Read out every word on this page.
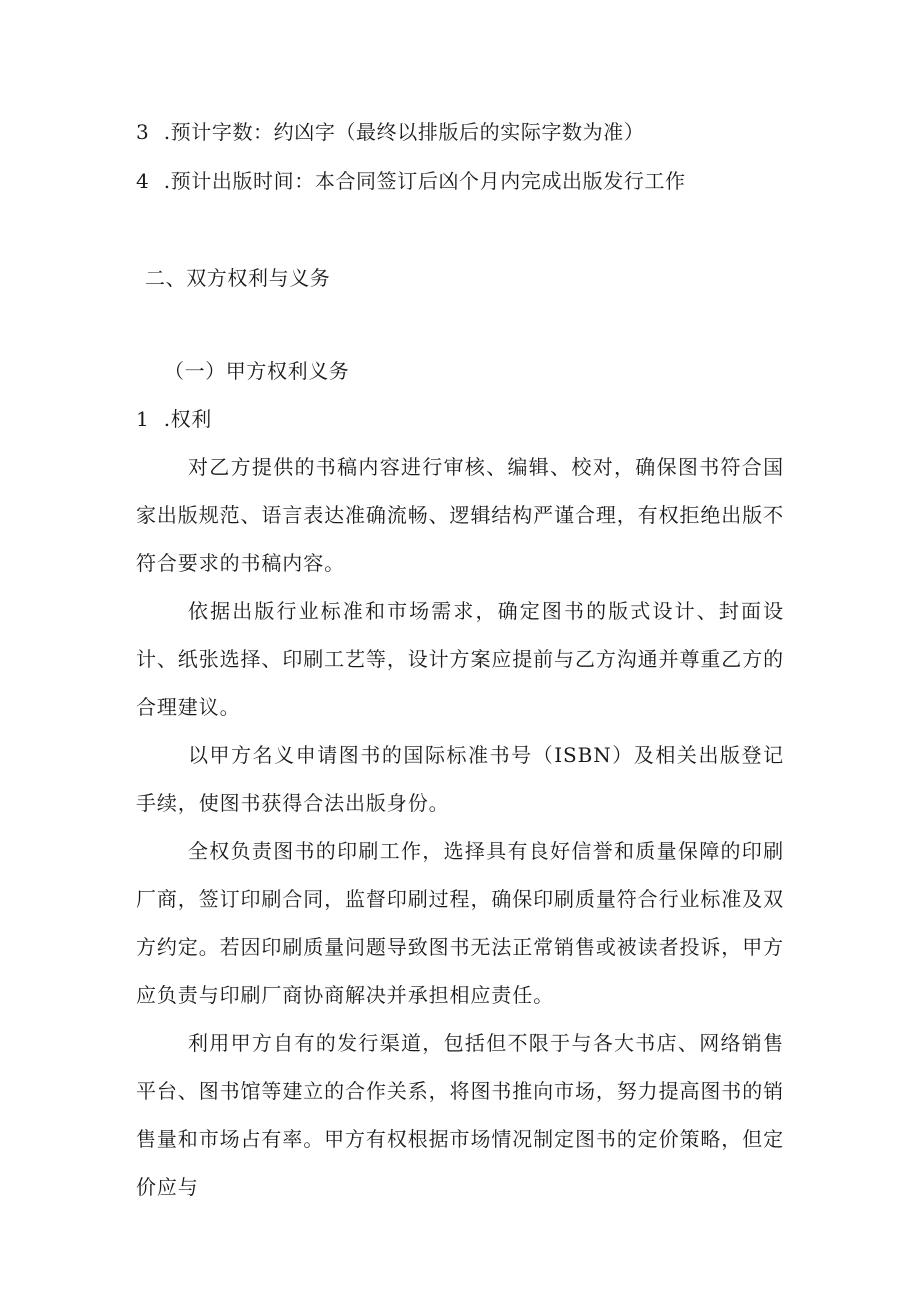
3 .预计字数：约凶字（最终以排版后的实际字数为准）
4 .预计出版时间：本合同签订后凶个月内完成出版发行工作
二、双方权利与义务
（一）甲方权利义务
1 .权利

对乙方提供的书稿内容进行审核、编辑、校对，确保图书符合国家出版规范、语言表达准确流畅、逻辑结构严谨合理，有权拒绝出版不符合要求的书稿内容。

依据出版行业标准和市场需求，确定图书的版式设计、封面设计、纸张选择、印刷工艺等，设计方案应提前与乙方沟通并尊重乙方的合理建议。

以甲方名义申请图书的国际标准书号（ISBN）及相关出版登记手续，使图书获得合法出版身份。

全权负责图书的印刷工作，选择具有良好信誉和质量保障的印刷厂商，签订印刷合同，监督印刷过程，确保印刷质量符合行业标准及双方约定。若因印刷质量问题导致图书无法正常销售或被读者投诉，甲方应负责与印刷厂商协商解决并承担相应责任。

利用甲方自有的发行渠道，包括但不限于与各大书店、网络销售平台、图书馆等建立的合作关系，将图书推向市场，努力提高图书的销售量和市场占有率。甲方有权根据市场情况制定图书的定价策略，但定价应与
